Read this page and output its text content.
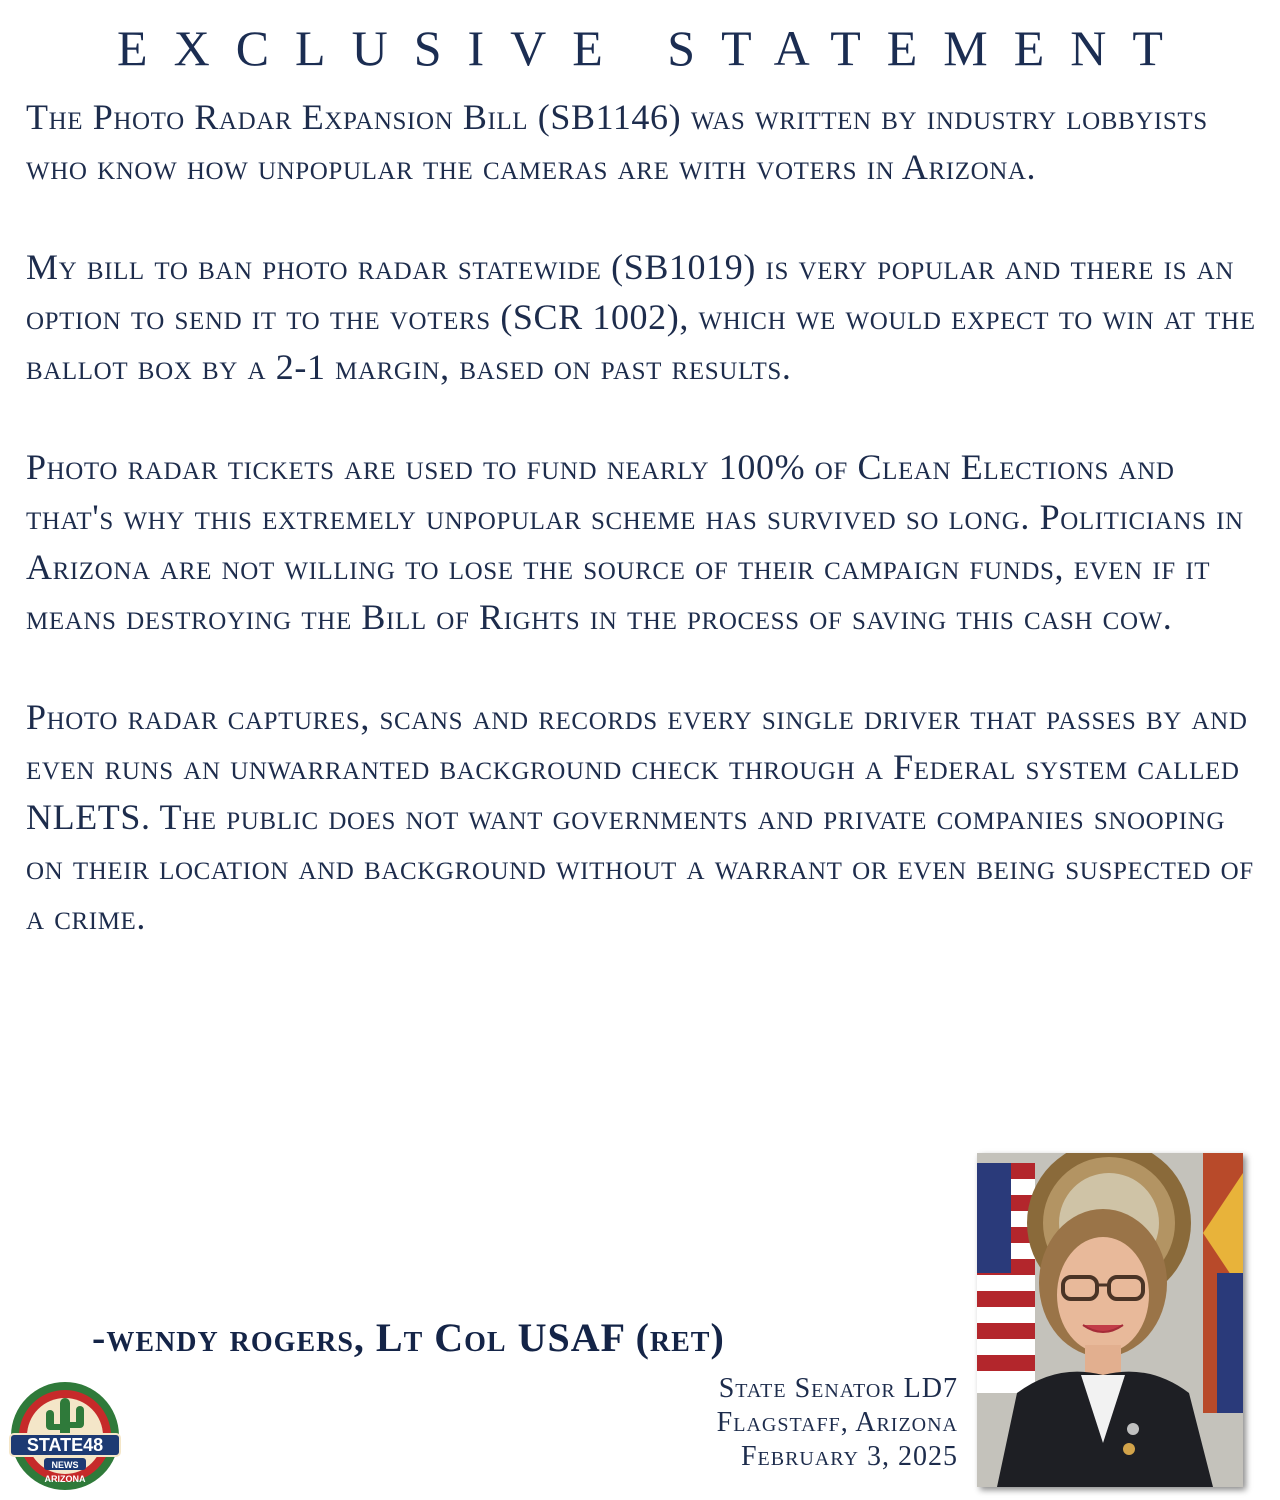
EXCLUSIVE STATEMENT

The Photo Radar Expansion Bill (SB1146) was written by industry lobbyists who know how unpopular the cameras are with voters in Arizona.

My bill to ban photo radar statewide (SB1019) is very popular and there is an option to send it to the voters (SCR 1002), which we would expect to win at the ballot box by a 2-1 margin, based on past results.

Photo radar tickets are used to fund nearly 100% of Clean Elections and that's why this extremely unpopular scheme has survived so long. Politicians in Arizona are not willing to lose the source of their campaign funds, even if it means destroying the Bill of Rights in the process of saving this cash cow.

Photo radar captures, scans and records every single driver that passes by and even runs an unwarranted background check through a Federal system called NLETS. The public does not want governments and private companies snooping on their location and background without a warrant or even being suspected of a crime.

-wendy rogers, Lt Col USAF (ret)
State Senator LD7
Flagstaff, Arizona
February 3, 2025
STATE48
NEWS
ARIZONA
